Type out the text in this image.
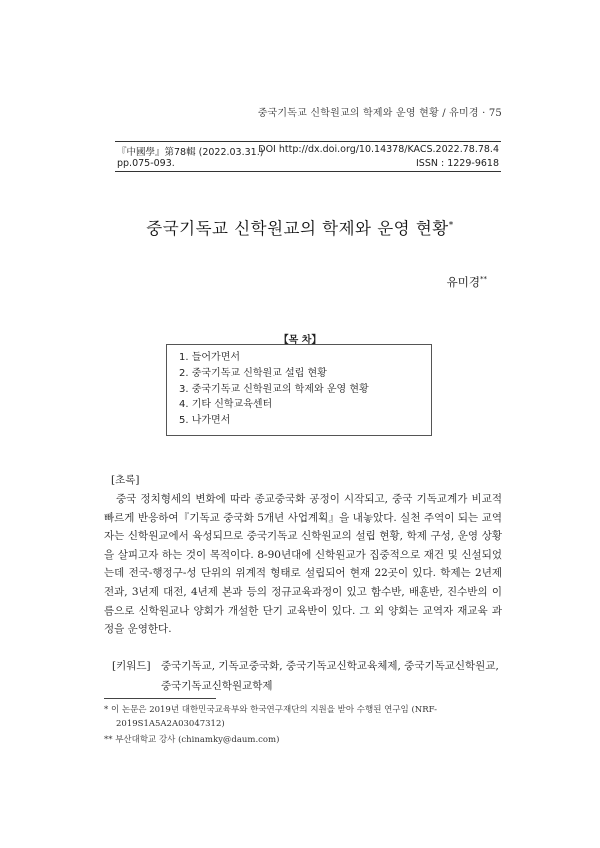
중국기독교 신학원교의 학제와 운영 현황 / 유미경 · 75
『中國學』第78輯 (2022.03.31.)
DOI http://dx.doi.org/10.14378/KACS.2022.78.78.4
pp.075-093.	ISSN : 1229-9618
중국기독교 신학원교의 학제와 운영 현황*
유미경**
【목 차】
1. 들어가면서
2. 중국기독교 신학원교 설립 현황
3. 중국기독교 신학원교의 학제와 운영 현황
4. 기타 신학교육센터
5. 나가면서
[초록]
중국 정치형세의 변화에 따라 종교중국화 공정이 시작되고, 중국 기독교계가 비교적 빠르게 반응하여『기독교 중국화 5개년 사업계획』을 내놓았다. 실천 주역이 되는 교역자는 신학원교에서 육성되므로 중국기독교 신학원교의 설립 현황, 학제 구성, 운영 상황을 살피고자 하는 것이 목적이다. 8-90년대에 신학원교가 집중적으로 재건 및 신설되었는데 전국-행정구-성 단위의 위계적 형태로 설립되어 현재 22곳이 있다. 학제는 2년제 전과, 3년제 대전, 4년제 본과 등의 정규교육과정이 있고 함수반, 배훈반, 진수반의 이름으로 신학원교나 양회가 개설한 단기 교육반이 있다. 그 외 양회는 교역자 재교육 과정을 운영한다.
[키워드] 중국기독교, 기독교중국화, 중국기독교신학교육체제, 중국기독교신학원교, 중국기독교신학원교학제
* 이 논문은 2019년 대한민국교육부와 한국연구재단의 지원을 받아 수행된 연구임 (NRF-2019S1A5A2A03047312)
** 부산대학교 강사 (chinamky@daum.com)
